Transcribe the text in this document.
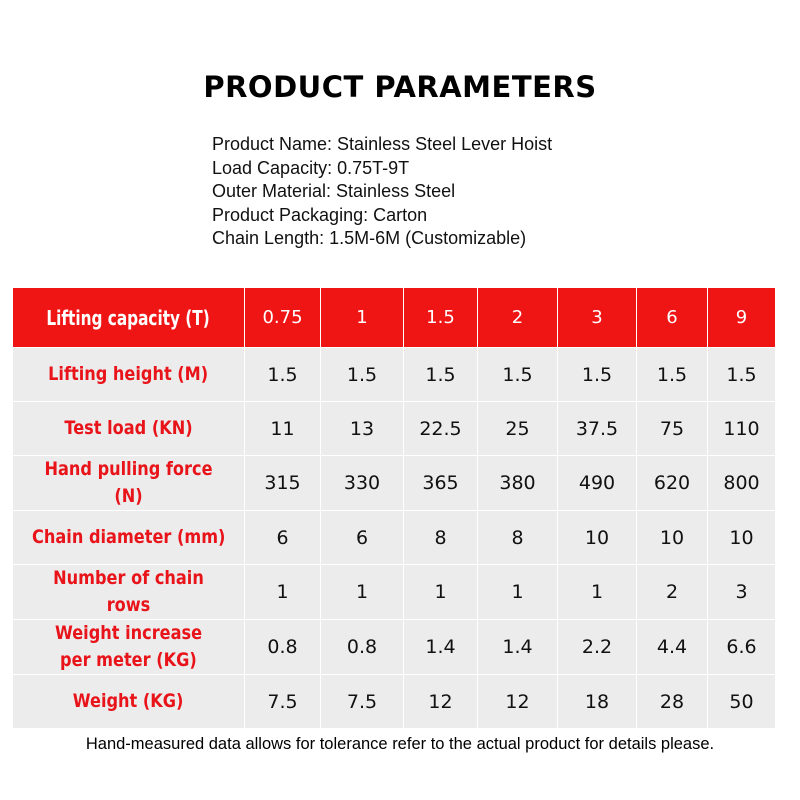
PRODUCT PARAMETERS
Product Name: Stainless Steel Lever Hoist
Load Capacity: 0.75T-9T
Outer Material: Stainless Steel
Product Packaging: Carton
Chain Length: 1.5M-6M (Customizable)
Lifting capacity (T)	0.75	1	1.5	2	3	6	9
Lifting height (M)	1.5	1.5	1.5	1.5	1.5	1.5	1.5
Test load (KN)	11	13	22.5	25	37.5	75	110
Hand pulling force (N)	315	330	365	380	490	620	800
Chain diameter (mm)	6	6	8	8	10	10	10
Number of chain rows	1	1	1	1	1	2	3
Weight increase
per meter (KG)	0.8	0.8	1.4	1.4	2.2	4.4	6.6
Weight (KG)	7.5	7.5	12	12	18	28	50
Hand-measured data allows for tolerance refer to the actual product for details please.
